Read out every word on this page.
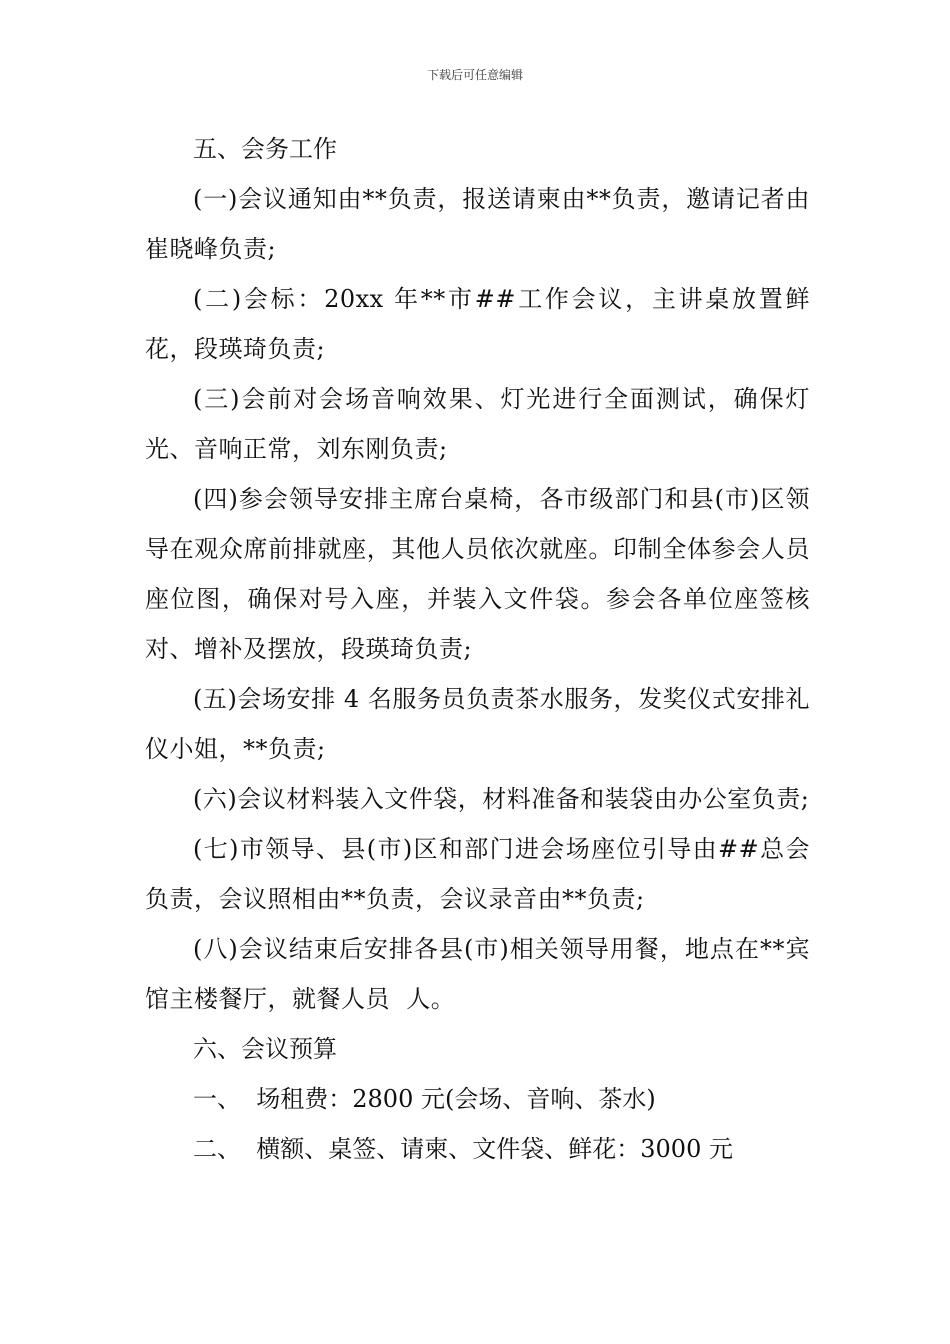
下载后可任意编辑

五、会务工作

(一)会议通知由**负责，报送请柬由**负责，邀请记者由崔晓峰负责;

(二)会标：20xx 年**市##工作会议，主讲桌放置鲜花，段瑛琦负责;

(三)会前对会场音响效果、灯光进行全面测试，确保灯光、音响正常，刘东刚负责;

(四)参会领导安排主席台桌椅，各市级部门和县(市)区领导在观众席前排就座，其他人员依次就座。印制全体参会人员座位图，确保对号入座，并装入文件袋。参会各单位座签核对、增补及摆放，段瑛琦负责;

(五)会场安排 4 名服务员负责茶水服务，发奖仪式安排礼仪小姐，**负责;

(六)会议材料装入文件袋，材料准备和装袋由办公室负责;

(七)市领导、县(市)区和部门进会场座位引导由##总会负责，会议照相由**负责，会议录音由**负责;

(八)会议结束后安排各县(市)相关领导用餐，地点在**宾馆主楼餐厅，就餐人员  人。

六、会议预算

一、  场租费：2800 元(会场、音响、茶水)

二、  横额、桌签、请柬、文件袋、鲜花：3000 元
